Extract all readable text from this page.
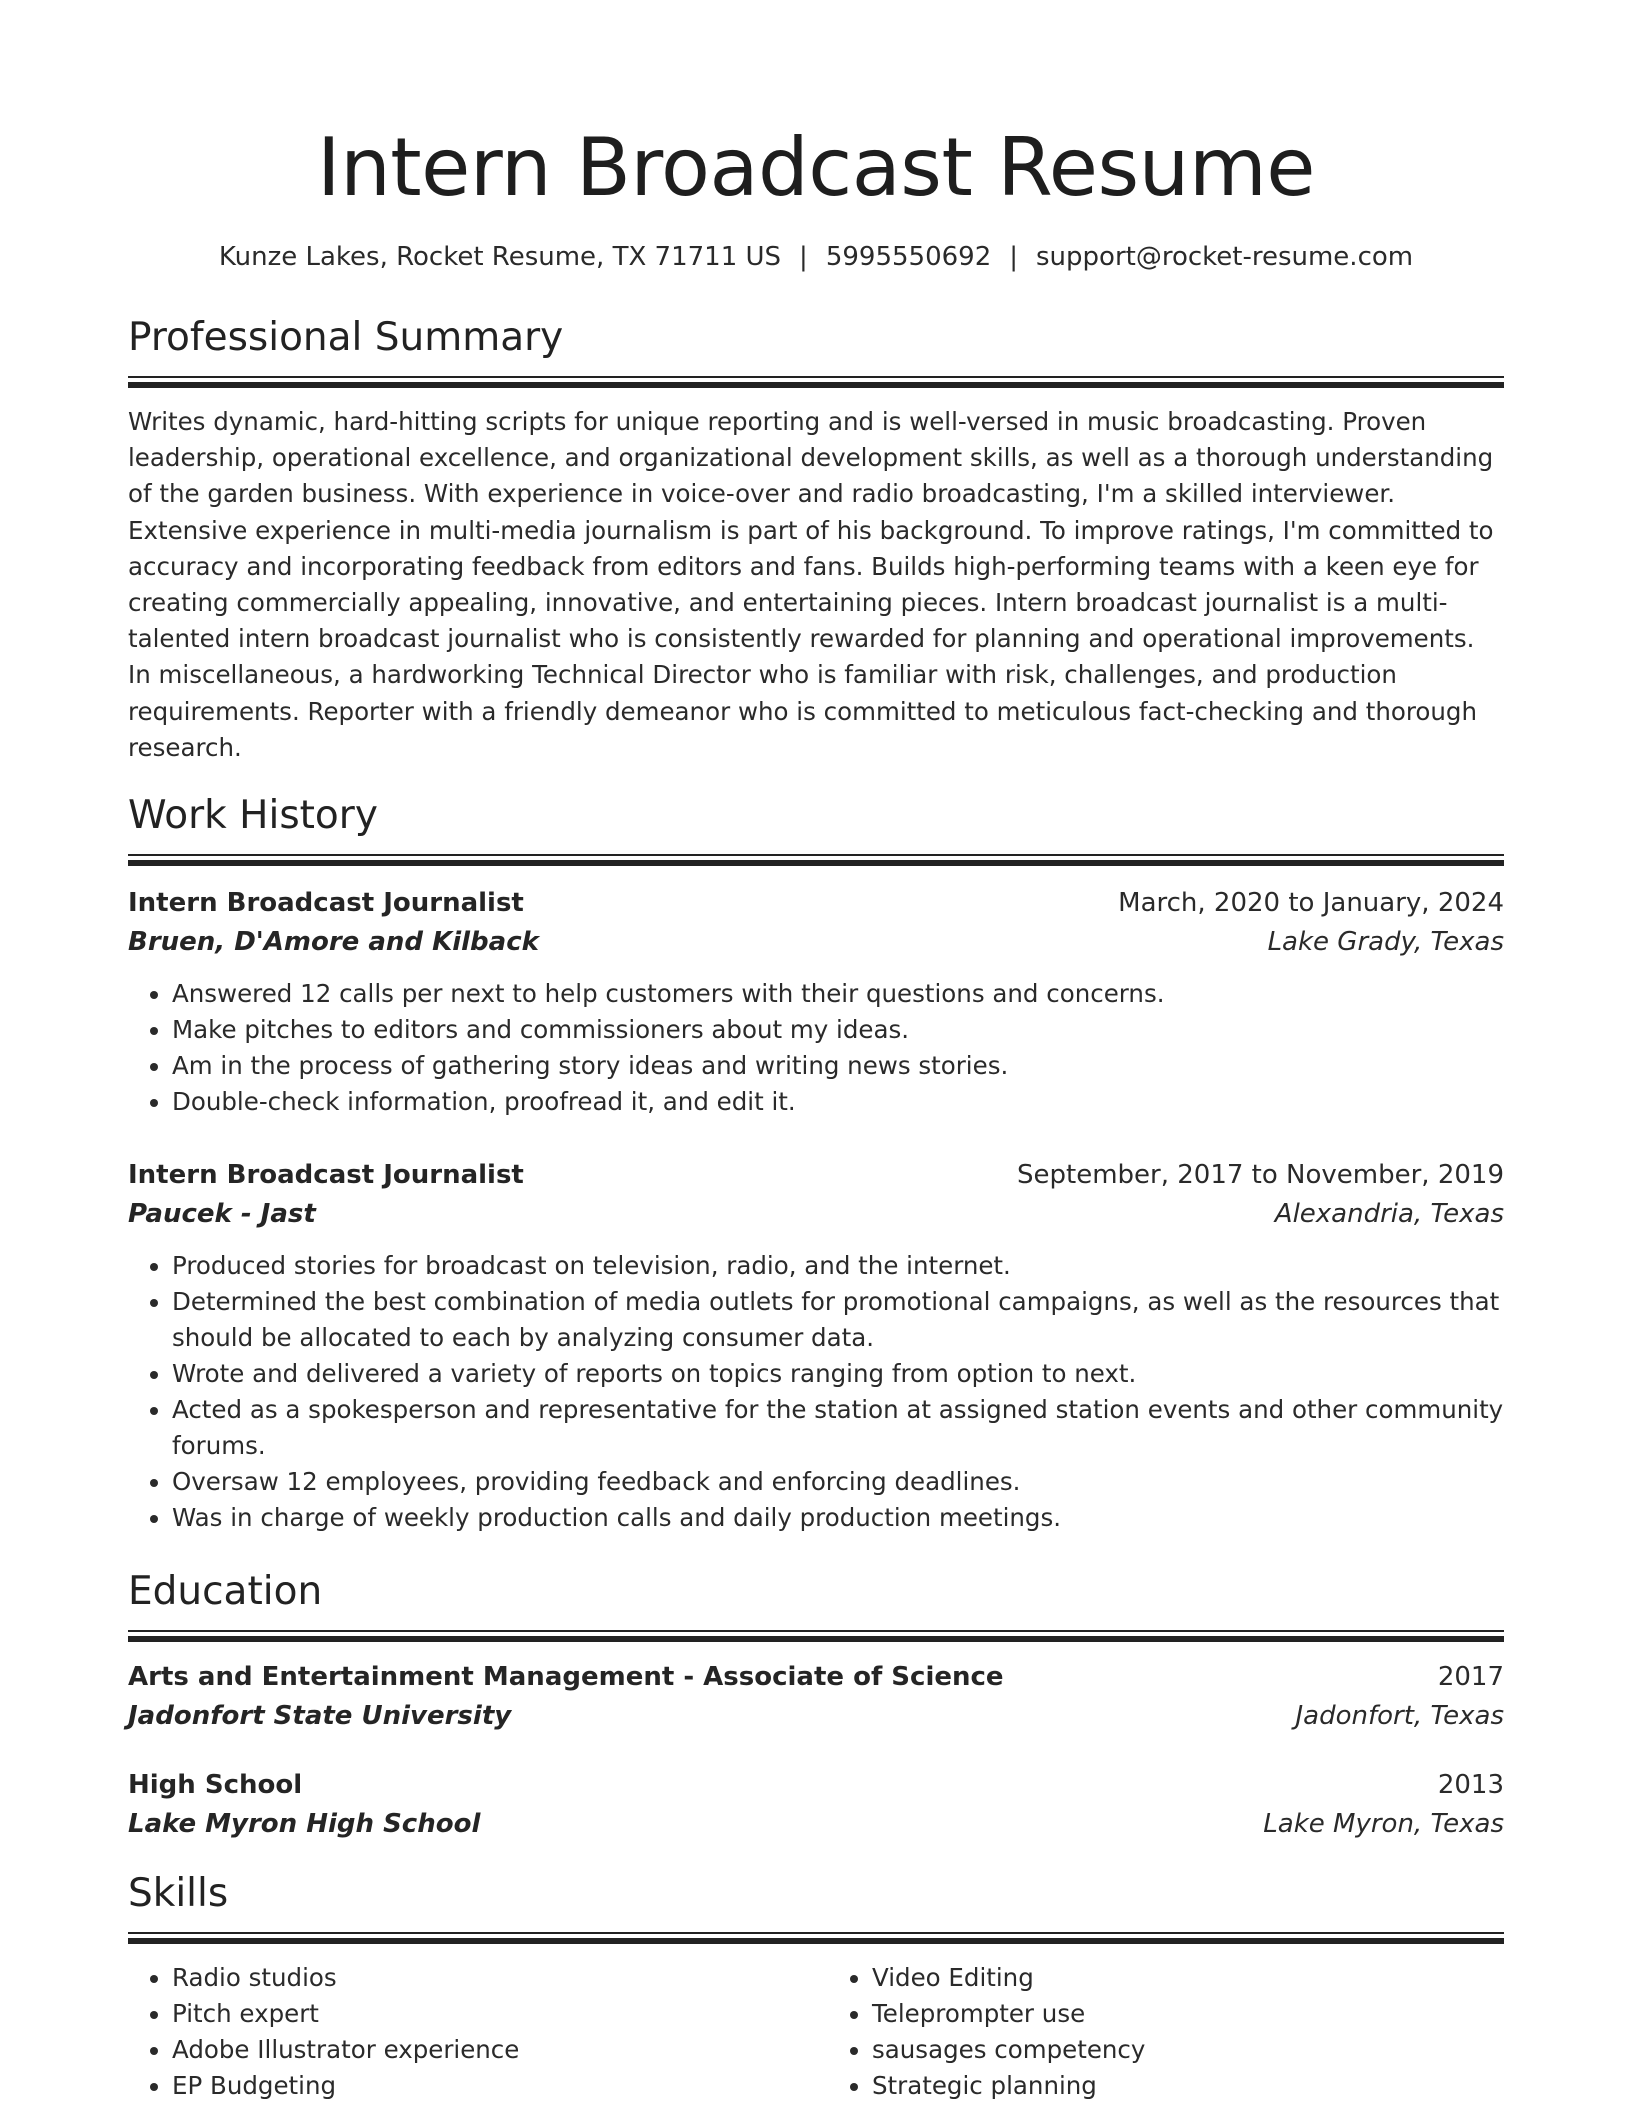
Intern Broadcast Resume
Kunze Lakes, Rocket Resume, TX 71711 US | 5995550692 | support@rocket-resume.com
Professional Summary

Writes dynamic, hard-hitting scripts for unique reporting and is well-versed in music broadcasting. Proven leadership, operational excellence, and organizational development skills, as well as a thorough understanding of the garden business. With experience in voice-over and radio broadcasting, I'm a skilled interviewer. Extensive experience in multi-media journalism is part of his background. To improve ratings, I'm committed to accuracy and incorporating feedback from editors and fans. Builds high-performing teams with a keen eye for creating commercially appealing, innovative, and entertaining pieces. Intern broadcast journalist is a multi-talented intern broadcast journalist who is consistently rewarded for planning and operational improvements. In miscellaneous, a hardworking Technical Director who is familiar with risk, challenges, and production requirements. Reporter with a friendly demeanor who is committed to meticulous fact-checking and thorough research.

Work History
Intern Broadcast Journalist	March, 2020 to January, 2024
Bruen, D'Amore and Kilback	Lake Grady, Texas
• Answered 12 calls per next to help customers with their questions and concerns.
• Make pitches to editors and commissioners about my ideas.
• Am in the process of gathering story ideas and writing news stories.
• Double-check information, proofread it, and edit it.
Intern Broadcast Journalist	September, 2017 to November, 2019
Paucek - Jast	Alexandria, Texas
• Produced stories for broadcast on television, radio, and the internet.
• Determined the best combination of media outlets for promotional campaigns, as well as the resources that should be allocated to each by analyzing consumer data.
• Wrote and delivered a variety of reports on topics ranging from option to next.
• Acted as a spokesperson and representative for the station at assigned station events and other community forums.
• Oversaw 12 employees, providing feedback and enforcing deadlines.
• Was in charge of weekly production calls and daily production meetings.
Education
Arts and Entertainment Management - Associate of Science	2017
Jadonfort State University	Jadonfort, Texas
High School	2013
Lake Myron High School	Lake Myron, Texas
Skills
• Radio studios
• Pitch expert
• Adobe Illustrator experience
• EP Budgeting
• Video Editing
• Teleprompter use
• sausages competency
• Strategic planning
